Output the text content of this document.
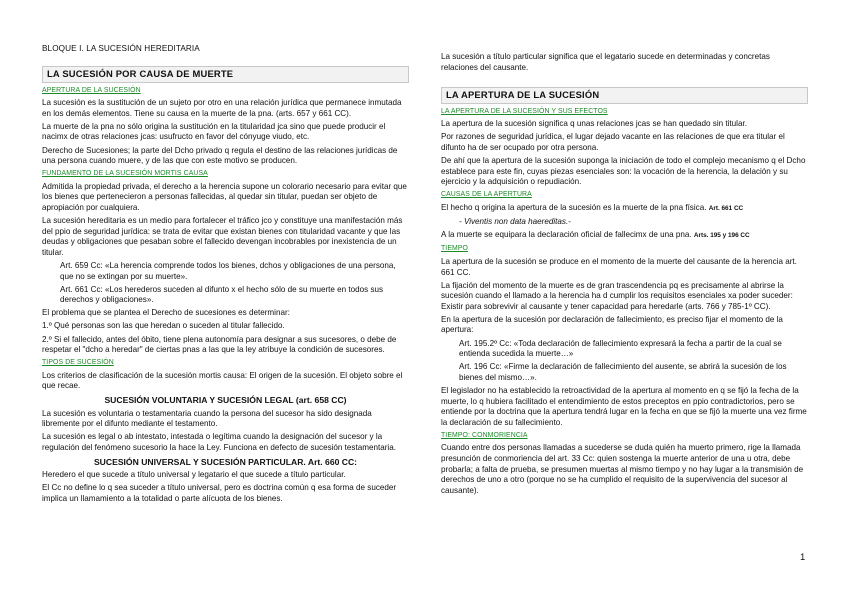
BLOQUE I. LA SUCESIÓN HEREDITARIA
LA SUCESIÓN POR CAUSA DE MUERTE
APERTURA DE LA SUCESIÓN

La sucesión es la sustitución de un sujeto por otro en una relación jurídica que permanece inmutada en los demás elementos. Tiene su causa en la muerte de la pna. (arts. 657 y 661 CC).

La muerte de la pna no sólo origina la sustitución en la titularidad jca sino que puede producir el nacimx de otras relaciones jcas: usufructo en favor del cónyuge viudo, etc.

Derecho de Sucesiones; la parte del Dcho privado q regula el destino de las relaciones jurídicas de una persona cuando muere, y de las que con este motivo se producen.

FUNDAMENTO DE LA SUCESIÓN MORTIS CAUSA

Admitida la propiedad privada, el derecho a la herencia supone un colorario necesario para evitar que los bienes que pertenecieron a personas fallecidas, al quedar sin titular, puedan ser objeto de apropiación por cualquiera.

La sucesión hereditaria es un medio para fortalecer el tráfico jco y constituye una manifestación más del ppio de seguridad jurídica: se trata de evitar que existan bienes con titularidad vacante y que las deudas y obligaciones que pesaban sobre el fallecido devengan incobrables por inexistencia de un titular.

Art. 659 Cc: «La herencia comprende todos los bienes, dchos y obligaciones de una persona, que no se extingan por su muerte».

Art. 661 Cc: «Los herederos suceden al difunto x el hecho sólo de su muerte en todos sus derechos y obligaciones».

El problema que se plantea el Derecho de sucesiones es determinar:

1.º Qué personas son las que heredan o suceden al titular fallecido.

2.º Si el fallecido, antes del óbito, tiene plena autonomía para designar a sus sucesores, o debe de respetar el "dcho a heredar" de ciertas pnas a las que la ley atribuye la condición de sucesores.

TIPOS DE SUCESIÓN

Los criterios de clasificación de la sucesión mortis causa: El origen de la sucesión. El objeto sobre el que recae.

SUCESIÓN VOLUNTARIA Y SUCESIÓN LEGAL (art. 658 CC)

La sucesión es voluntaria o testamentaria cuando la persona del sucesor ha sido designada libremente por el difunto mediante el testamento.

La sucesión es legal o ab intestato, intestada o legítima cuando la designación del sucesor y la regulación del fenómeno sucesorio la hace la Ley. Funciona en defecto de sucesión testamentaria.

SUCESIÓN UNIVERSAL Y SUCESIÓN PARTICULAR. Art. 660 CC:

Heredero el que sucede a título universal y legatario el que sucede a título particular.

El Cc no define lo q sea suceder a título universal, pero es doctrina común q esa forma de suceder implica un llamamiento a la totalidad o parte alícuota de los bienes.

La sucesión a título particular significa que el legatario sucede en determinadas y concretas relaciones del causante.

LA APERTURA DE LA SUCESIÓN
LA APERTURA DE LA SUCESIÓN Y SUS EFECTOS

La apertura de la sucesión significa q unas relaciones jcas se han quedado sin titular.

Por razones de seguridad jurídica, el lugar dejado vacante en las relaciones de que era titular el difunto ha de ser ocupado por otra persona.

De ahí que la apertura de la sucesión suponga la iniciación de todo el complejo mecanismo q el Dcho establece para este fin, cuyas piezas esenciales son: la vocación de la herencia, la delación y su ejercicio y la adquisición o repudiación.

CAUSAS DE LA APERTURA

El hecho q origina la apertura de la sucesión es la muerte de la pna física. Art. 661 CC

- Viventis non data haereditas.-

A la muerte se equipara la declaración oficial de fallecimx de una pna. Arts. 195 y 196 CC

TIEMPO

La apertura de la sucesión se produce en el momento de la muerte del causante de la herencia art. 661 CC.

La fijación del momento de la muerte es de gran trascendencia pq es precisamente al abrirse la sucesión cuando el llamado a la herencia ha d cumplir los requisitos esenciales xa poder suceder: Existir para sobrevivir al causante y tener capacidad para heredarle (arts. 766 y 785-1º CC).

En la apertura de la sucesión por declaración de fallecimiento, es preciso fijar el momento de la apertura:

Art. 195.2º Cc: «Toda declaración de fallecimiento expresará la fecha a partir de la cual se entienda sucedida la muerte…»

Art. 196 Cc: «Firme la declaración de fallecimiento del ausente, se abrirá la sucesión de los bienes del mismo…».

El legislador no ha establecido la retroactividad de la apertura al momento en q se fijó la fecha de la muerte, lo q hubiera facilitado el entendimiento de estos preceptos en ppio contradictorios, pero se entiende por la doctrina que la apertura tendrá lugar en la fecha en que se fijó la muerte una vez firme la declaración de su fallecimiento.

TIEMPO: CONMORIENCIA

Cuando entre dos personas llamadas a sucederse se duda quién ha muerto primero, rige la llamada presunción de conmoriencia del art. 33 Cc: quien sostenga la muerte anterior de una u otra, debe probarla; a falta de prueba, se presumen muertas al mismo tiempo y no hay lugar a la transmisión de derechos de uno a otro (porque no se ha cumplido el requisito de la supervivencia del sucesor al causante).

1
